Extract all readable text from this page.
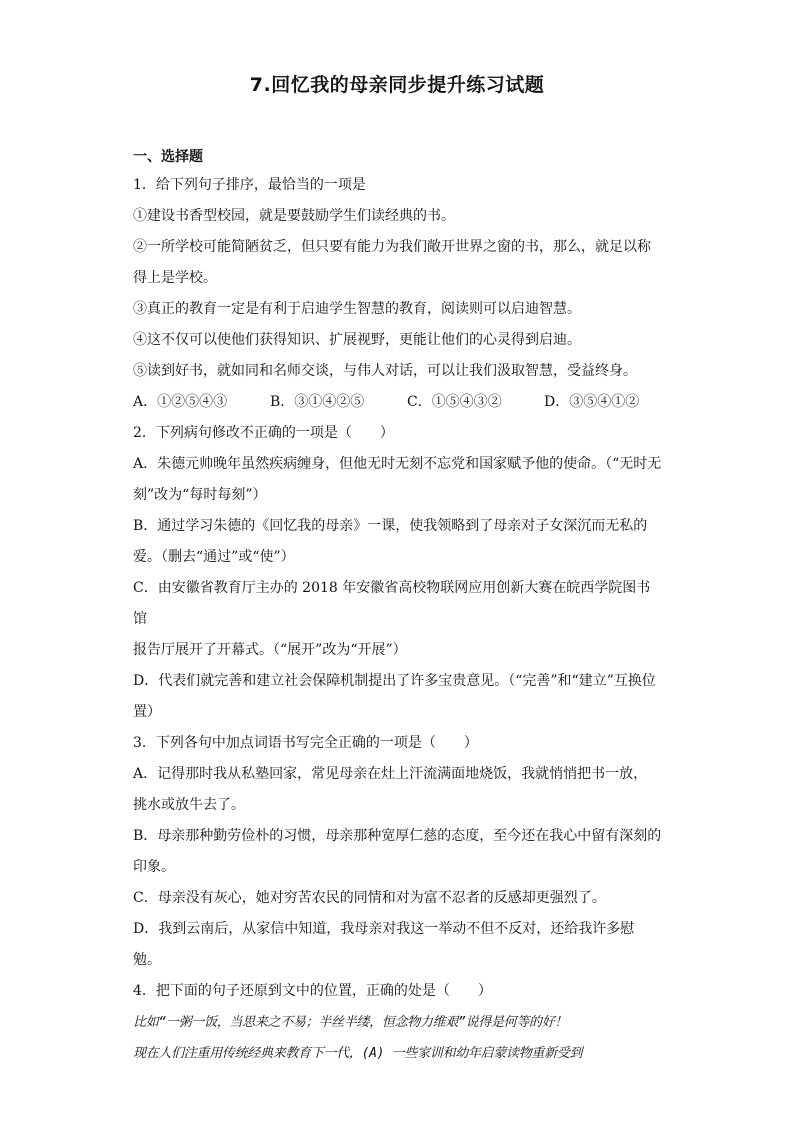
7.回忆我的母亲同步提升练习试题
一、选择题

1．给下列句子排序，最恰当的一项是

①建设书香型校园，就是要鼓励学生们读经典的书。

②一所学校可能简陋贫乏，但只要有能力为我们敞开世界之窗的书，那么，就足以称

得上是学校。

③真正的教育一定是有利于启迪学生智慧的教育，阅读则可以启迪智慧。

④这不仅可以使他们获得知识、扩展视野，更能让他们的心灵得到启迪。

⑤读到好书，就如同和名师交谈，与伟人对话，可以让我们汲取智慧，受益终身。

A．①②⑤④③	B．③①④②⑤	C．①⑤④③②	D．③⑤④①②

2．下列病句修改不正确的一项是（　　）

A．朱德元帅晚年虽然疾病缠身，但他无时无刻不忘党和国家赋予他的使命。（“无时无

刻”改为“每时每刻”）

B．通过学习朱德的《回忆我的母亲》一课，使我领略到了母亲对子女深沉而无私的

爱。（删去“通过”或“使”）

C．由安徽省教育厅主办的 2018 年安徽省高校物联网应用创新大赛在皖西学院图书馆

报告厅展开了开幕式。（“展开”改为“开展”）

D．代表们就完善和建立社会保障机制提出了许多宝贵意见。（“完善”和“建立”互换位

置）

3．下列各句中加点词语书写完全正确的一项是（　　）

A．记得那时我从私塾回家，常见母亲在灶上汗流满面地烧饭，我就悄悄把书一放，

挑水或放牛去了。

B．母亲那种勤劳俭朴的习惯，母亲那种宽厚仁慈的态度，至今还在我心中留有深刻的

印象。

C．母亲没有灰心，她对穷苦农民的同情和对为富不忍者的反感却更强烈了。

D．我到云南后，从家信中知道，我母亲对我这一举动不但不反对，还给我许多慰

勉。

4．把下面的句子还原到文中的位置，正确的处是（　　）

比如“一粥一饭，当思来之不易；半丝半缕，恒念物力维艰”说得是何等的好！

现在人们注重用传统经典来教育下一代，(A) 一些家训和幼年启蒙读物重新受到
